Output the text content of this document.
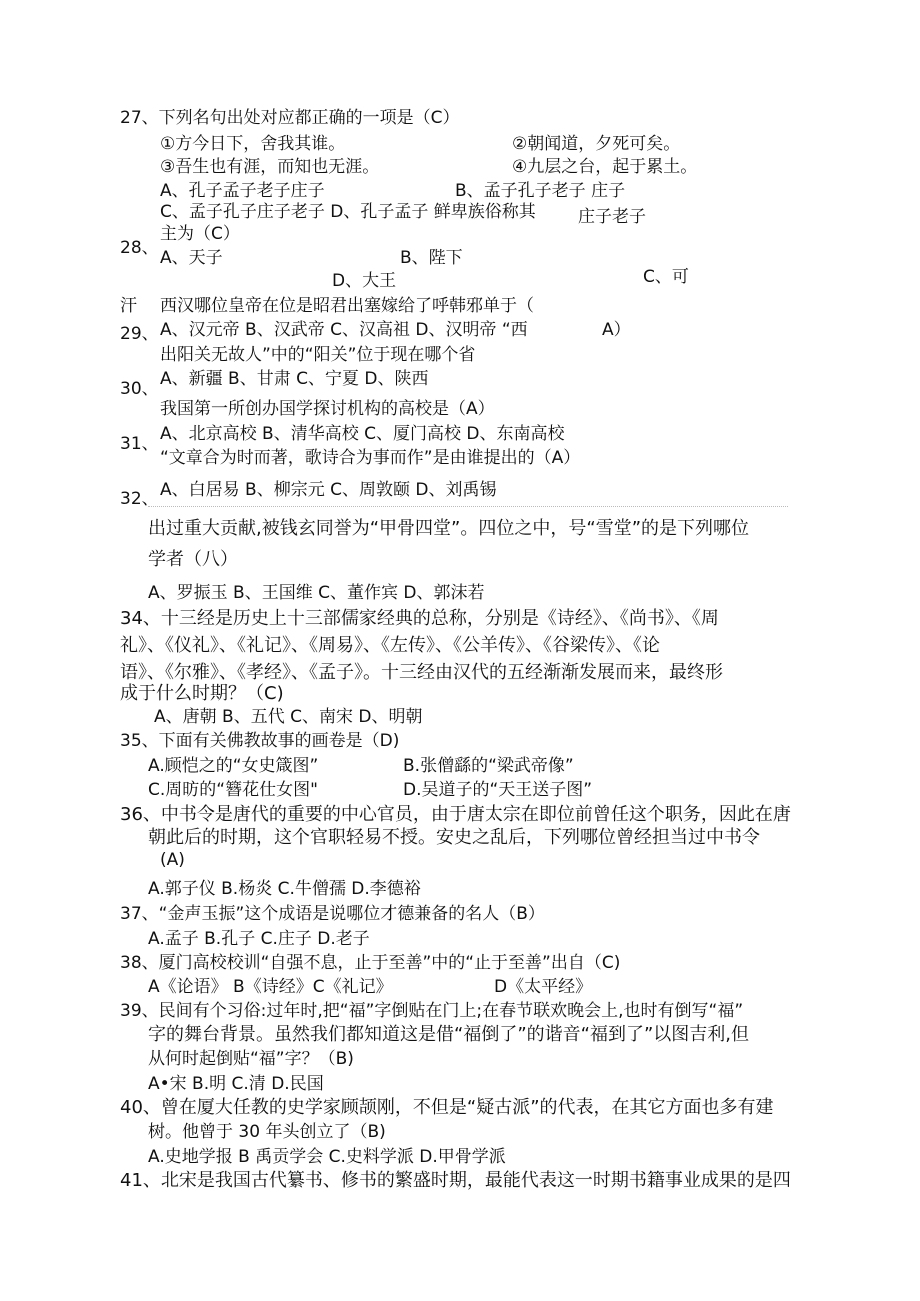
27、下列名句出处对应都正确的一项是（C）
①方今日下，舍我其谁。	②朝闻道，夕死可矣。
③吾生也有涯，而知也无涯。	④九层之台，起于累土。
A、孔子孟子老子庄子	B、孟子孔子老子 庄子
C、孟子孔子庄子老子 D、孔子孟子 鲜卑族俗称其 庄子老子
28、
主为（C）
A、天子	B、陛下
C、可
D、大王
汗 西汉哪位皇帝在位是昭君出塞嫁给了呼韩邪单于（
29、 A、汉元帝 B、汉武帝 C、汉高祖 D、汉明帝 “西	A）
出阳关无故人”中的“阳关”位于现在哪个省
30、 A、新疆 B、甘肃 C、宁夏 D、陕西
我国第一所创办国学探讨机构的高校是（A）
31、 A、北京高校 B、清华高校 C、厦门高校 D、东南高校
“文章合为时而著，歌诗合为事而作”是由谁提出的（A）
32、 A、白居易 B、柳宗元 C、周敦颐 D、刘禹锡
出过重大贡献,被钱玄同誉为“甲骨四堂”。四位之中，号“雪堂”的是下列哪位
学者（八）
A、罗振玉 B、王国维 C、董作宾 D、郭沫若
34、十三经是历史上十三部儒家经典的总称，分别是《诗经》、《尚书》、《周
礼》、《仪礼》、《礼记》、《周易》、《左传》、《公羊传》、《谷梁传》、《论
语》、《尔雅》、《孝经》、《孟子》。十三经由汉代的五经渐渐发展而来，最终形
成于什么时期？（C)
A、唐朝 B、五代 C、南宋 D、明朝
35、下面有关佛教故事的画卷是（D)
A.顾恺之的“女史箴图”	B.张僧繇的“梁武帝像”
C.周昉的“簪花仕女图"	D.吴道子的“天王送子图”
36、中书令是唐代的重要的中心官员，由于唐太宗在即位前曾任这个职务，因此在唐
朝此后的时期，这个官职轻易不授。安史之乱后，下列哪位曾经担当过中书令
(A)
A.郭子仪 B.杨炎 C.牛僧孺 D.李德裕
37、“金声玉振”这个成语是说哪位才德兼备的名人（B）
A.孟子 B.孔子 C.庄子 D.老子
38、厦门高校校训“自强不息，止于至善”中的“止于至善”出自（C)
A《论语》 B《诗经》C《礼记》	D《太平经》
39、民间有个习俗:过年时,把“福”字倒贴在门上;在春节联欢晚会上,也时有倒写“福”
字的舞台背景。虽然我们都知道这是借“福倒了”的谐音“福到了”以图吉利,但
从何时起倒贴“福”字？（B)
A•宋 B.明 C.清 D.民国
40、曾在厦大任教的史学家顾颉刚，不但是“疑古派”的代表，在其它方面也多有建
树。他曾于 30 年头创立了（B)
A.史地学报 B 禹贡学会 C.史料学派 D.甲骨学派
41、北宋是我国古代纂书、修书的繁盛时期，最能代表这一时期书籍事业成果的是四
